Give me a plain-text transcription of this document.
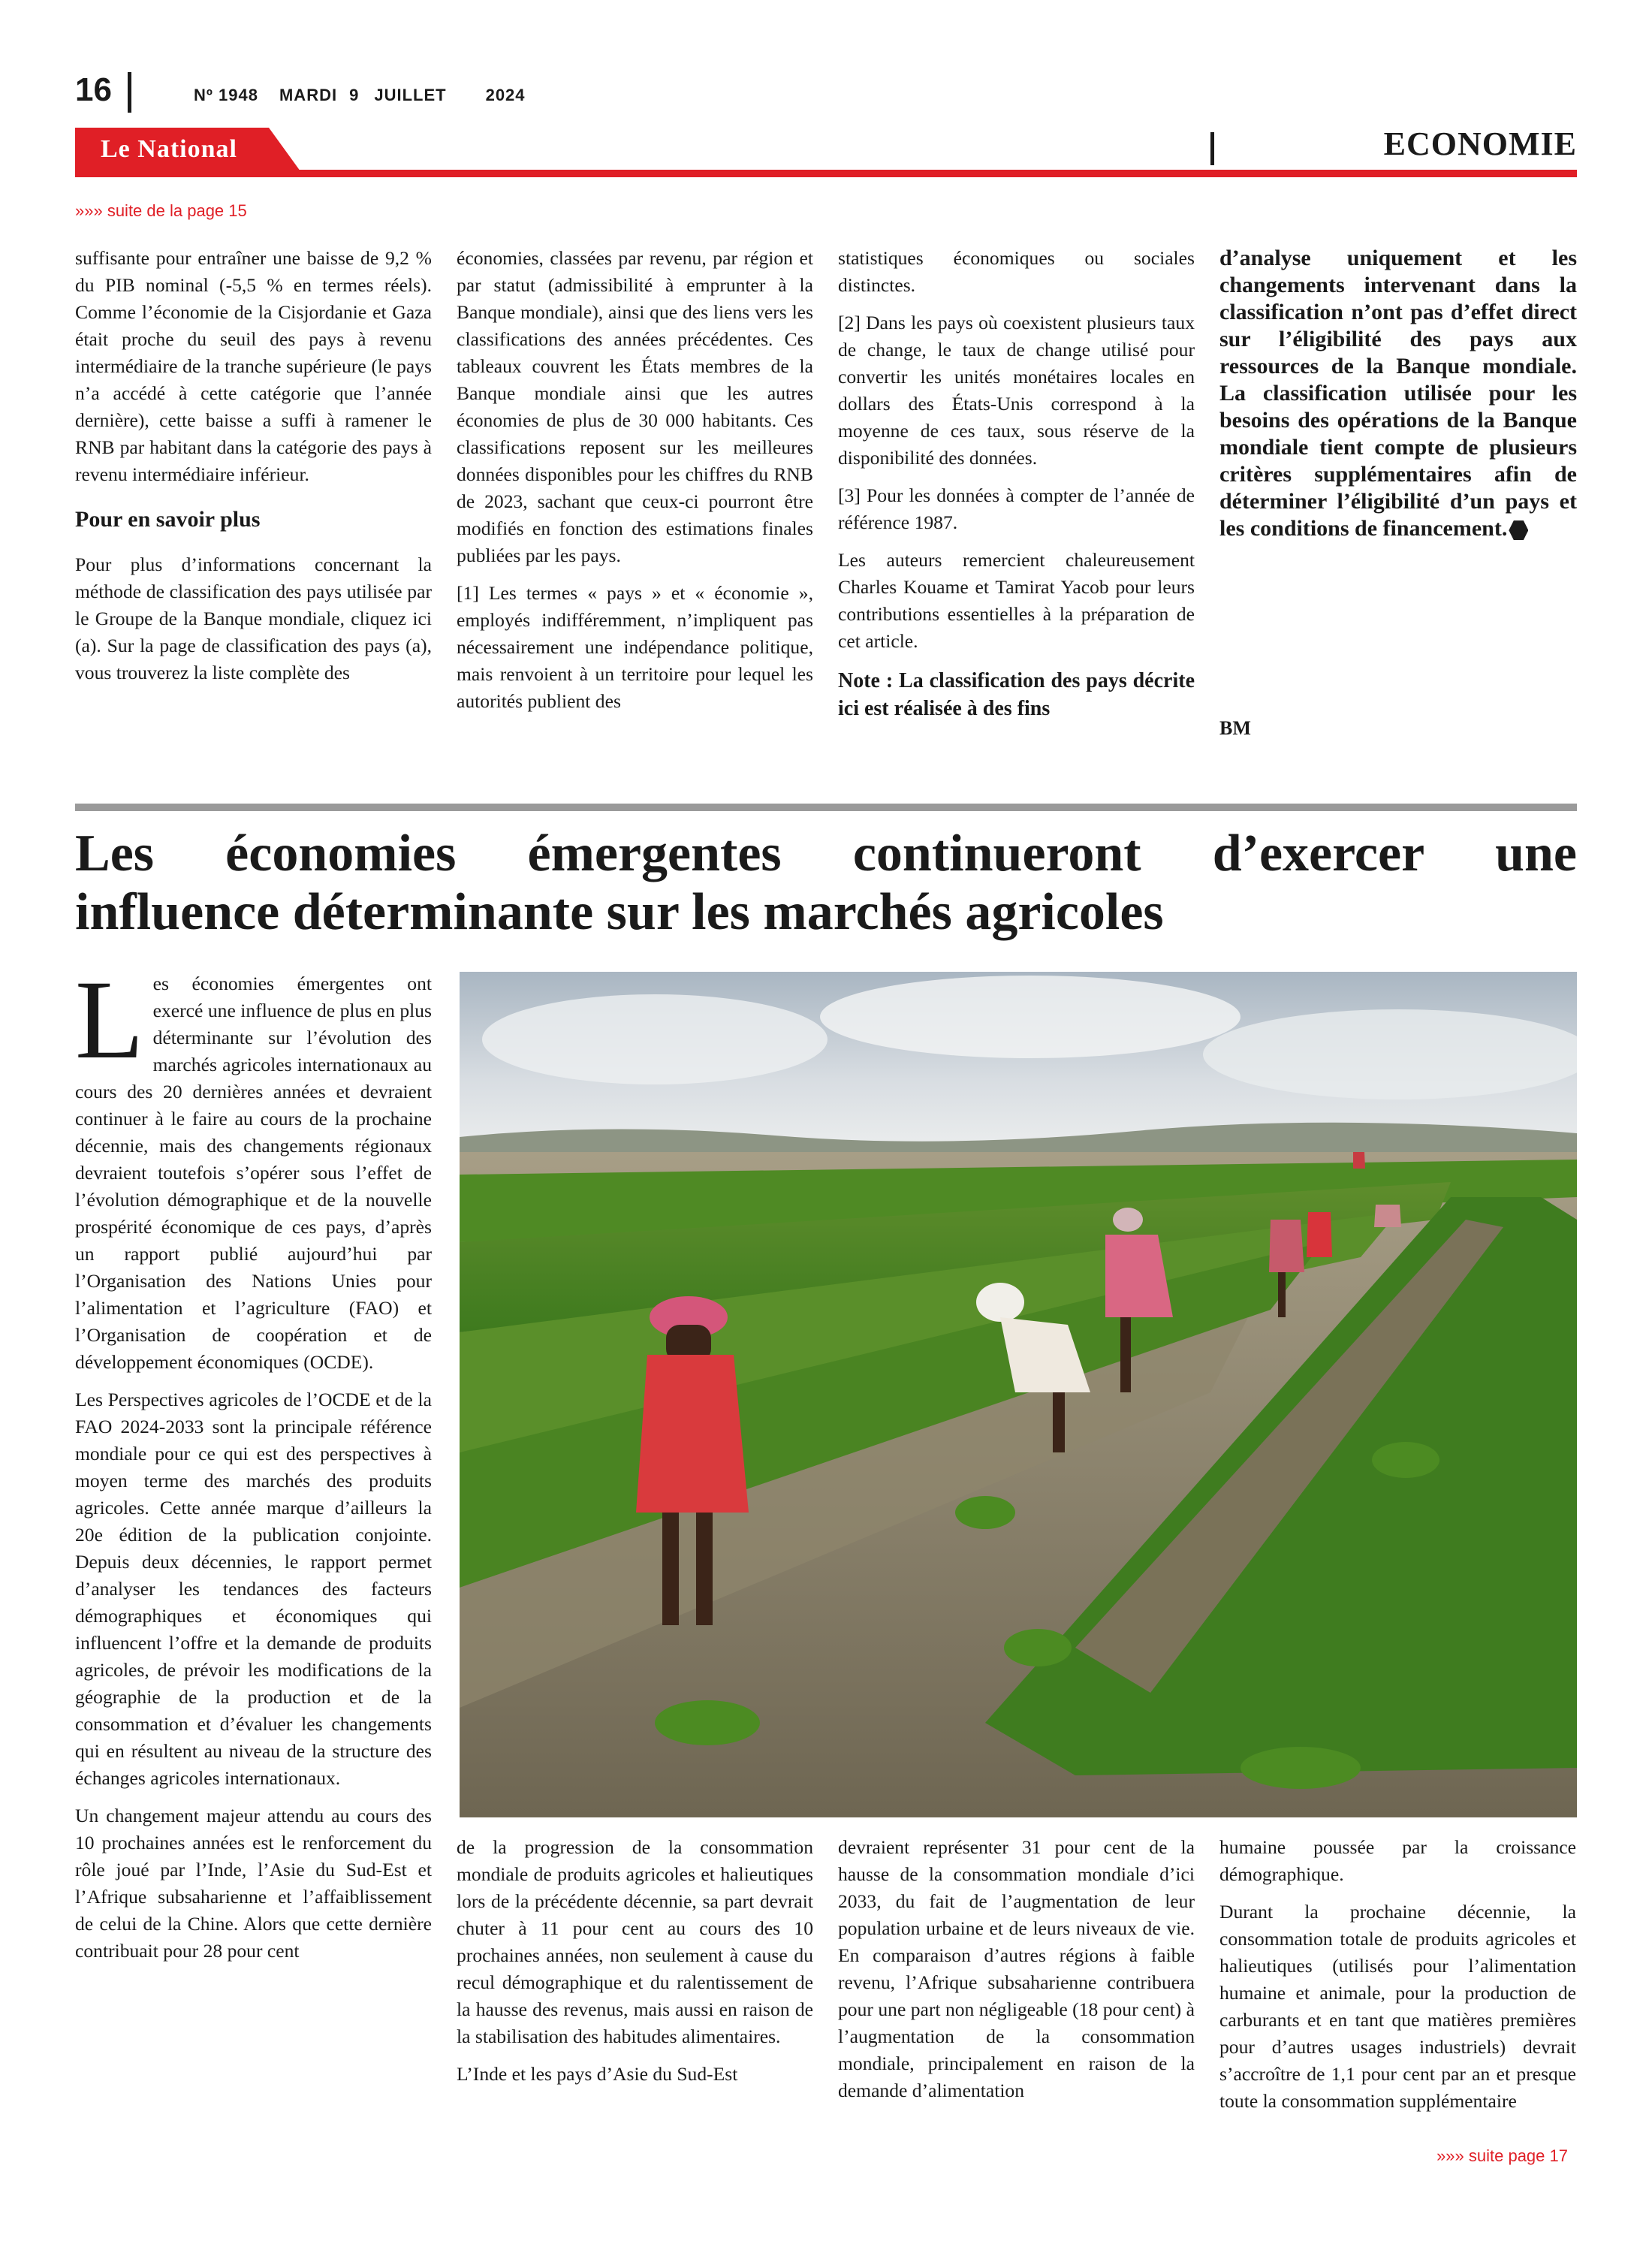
16	Nº 1948 MARDI 9 JUILLET 2024
Le National	ECONOMIE
»»» suite de la page 15

suffisante pour entraîner une baisse de 9,2 % du PIB nominal (-5,5 % en termes réels). Comme l’économie de la Cisjordanie et Gaza était proche du seuil des pays à revenu intermédiaire de la tranche supérieure (le pays n’a accédé à cette catégorie que l’année dernière), cette baisse a suffi à ramener le RNB par habitant dans la catégorie des pays à revenu intermédiaire inférieur.

Pour en savoir plus

Pour plus d’informations concernant la méthode de classification des pays utilisée par le Groupe de la Banque mondiale, cliquez ici (a). Sur la page de classification des pays (a), vous trouverez la liste complète des

économies, classées par revenu, par région et par statut (admissibilité à emprunter à la Banque mondiale), ainsi que des liens vers les classifications des années précédentes. Ces tableaux couvrent les États membres de la Banque mondiale ainsi que les autres économies de plus de 30 000 habitants. Ces classifications reposent sur les meilleures données disponibles pour les chiffres du RNB de 2023, sachant que ceux-ci pourront être modifiés en fonction des estimations finales publiées par les pays.

[1] Les termes « pays » et « économie », employés indifféremment, n’impliquent pas nécessairement une indépendance politique, mais renvoient à un territoire pour lequel les autorités publient des

statistiques économiques ou sociales distinctes.

[2] Dans les pays où coexistent plusieurs taux de change, le taux de change utilisé pour convertir les unités monétaires locales en dollars des États-Unis correspond à la moyenne de ces taux, sous réserve de la disponibilité des données.

[3] Pour les données à compter de l’année de référence 1987.

Les auteurs remercient chaleureusement Charles Kouame et Tamirat Yacob pour leurs contributions essentielles à la préparation de cet article.

Note : La classification des pays décrite ici est réalisée à des fins

d’analyse uniquement et les changements intervenant dans la classification n’ont pas d’effet direct sur l’éligibilité des pays aux ressources de la Banque mondiale. La classification utilisée pour les besoins des opérations de la Banque mondiale tient compte de plusieurs critères supplémentaires afin de déterminer l’éligibilité d’un pays et les conditions de financement.

BM
Les économies émergentes continueront d’exercer une
influence déterminante sur les marchés agricoles

Les économies émergentes ont exercé une influence de plus en plus déterminante sur l’évolution des marchés agricoles internationaux au cours des 20 dernières années et devraient continuer à le faire au cours de la prochaine décennie, mais des changements régionaux devraient toutefois s’opérer sous l’effet de l’évolution démographique et de la nouvelle prospérité économique de ces pays, d’après un rapport publié aujourd’hui par l’Organisation des Nations Unies pour l’alimentation et l’agriculture (FAO) et l’Organisation de coopération et de développement économiques (OCDE).

Les Perspectives agricoles de l’OCDE et de la FAO 2024-2033 sont la principale référence mondiale pour ce qui est des perspectives à moyen terme des marchés des produits agricoles. Cette année marque d’ailleurs la 20e édition de la publication conjointe. Depuis deux décennies, le rapport permet d’analyser les tendances des facteurs démographiques et économiques qui influencent l’offre et la demande de produits agricoles, de prévoir les modifications de la géographie de la production et de la consommation et d’évaluer les changements qui en résultent au niveau de la structure des échanges agricoles internationaux.

Un changement majeur attendu au cours des 10 prochaines années est le renforcement du rôle joué par l’Inde, l’Asie du Sud-Est et l’Afrique subsaharienne et l’affaiblissement de celui de la Chine. Alors que cette dernière contribuait pour 28 pour cent

de la progression de la consommation mondiale de produits agricoles et halieutiques lors de la précédente décennie, sa part devrait chuter à 11 pour cent au cours des 10 prochaines années, non seulement à cause du recul démographique et du ralentissement de la hausse des revenus, mais aussi en raison de la stabilisation des habitudes alimentaires.

L’Inde et les pays d’Asie du Sud-Est

devraient représenter 31 pour cent de la hausse de la consommation mondiale d’ici 2033, du fait de l’augmentation de leur population urbaine et de leurs niveaux de vie. En comparaison d’autres régions à faible revenu, l’Afrique subsaharienne contribuera pour une part non négligeable (18 pour cent) à l’augmentation de la consommation mondiale, principalement en raison de la demande d’alimentation

humaine poussée par la croissance démographique.

Durant la prochaine décennie, la consommation totale de produits agricoles et halieutiques (utilisés pour l’alimentation humaine et animale, pour la production de carburants et en tant que matières premières pour d’autres usages industriels) devrait s’accroître de 1,1 pour cent par an et presque toute la consommation supplémentaire

»»» suite page 17
